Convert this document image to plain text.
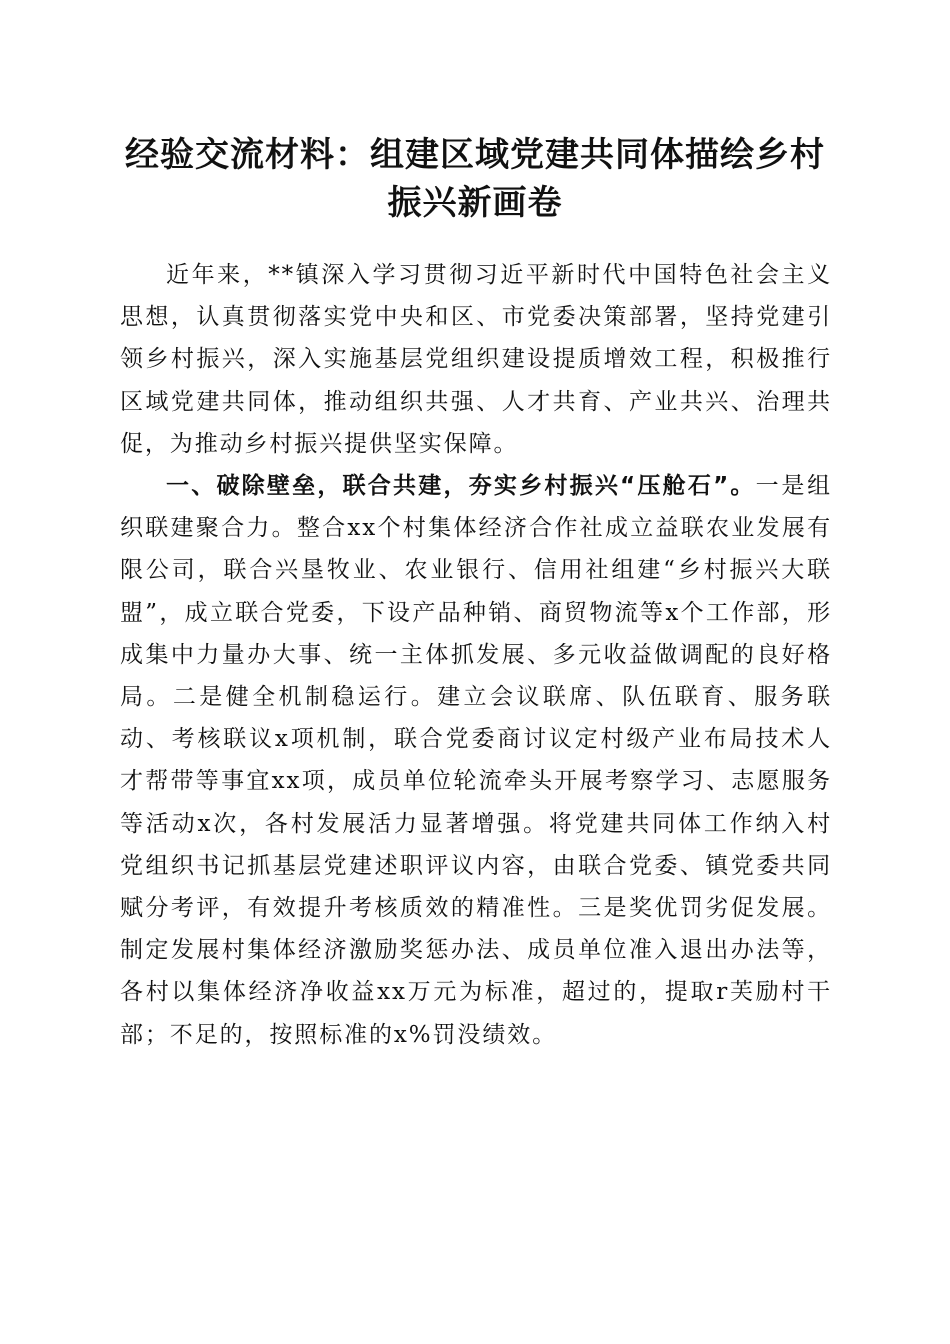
经验交流材料：组建区域党建共同体描绘乡村振兴新画卷

近年来，**镇深入学习贯彻习近平新时代中国特色社会主义思想，认真贯彻落实党中央和区、市党委决策部署，坚持党建引领乡村振兴，深入实施基层党组织建设提质增效工程，积极推行区域党建共同体，推动组织共强、人才共育、产业共兴、治理共促，为推动乡村振兴提供坚实保障。

一、破除壁垒，联合共建，夯实乡村振兴“压舱石”。一是组织联建聚合力。整合xx个村集体经济合作社成立益联农业发展有限公司，联合兴垦牧业、农业银行、信用社组建“乡村振兴大联盟”，成立联合党委，下设产品种销、商贸物流等x个工作部，形成集中力量办大事、统一主体抓发展、多元收益做调配的良好格局。二是健全机制稳运行。建立会议联席、队伍联育、服务联动、考核联议x项机制，联合党委商讨议定村级产业布局技术人才帮带等事宜xx项，成员单位轮流牵头开展考察学习、志愿服务等活动x次，各村发展活力显著增强。将党建共同体工作纳入村党组织书记抓基层党建述职评议内容，由联合党委、镇党委共同赋分考评，有效提升考核质效的精准性。三是奖优罚劣促发展。制定发展村集体经济激励奖惩办法、成员单位准入退出办法等，各村以集体经济净收益xx万元为标准，超过的，提取r芙励村干部；不足的，按照标准的x%罚没绩效。
